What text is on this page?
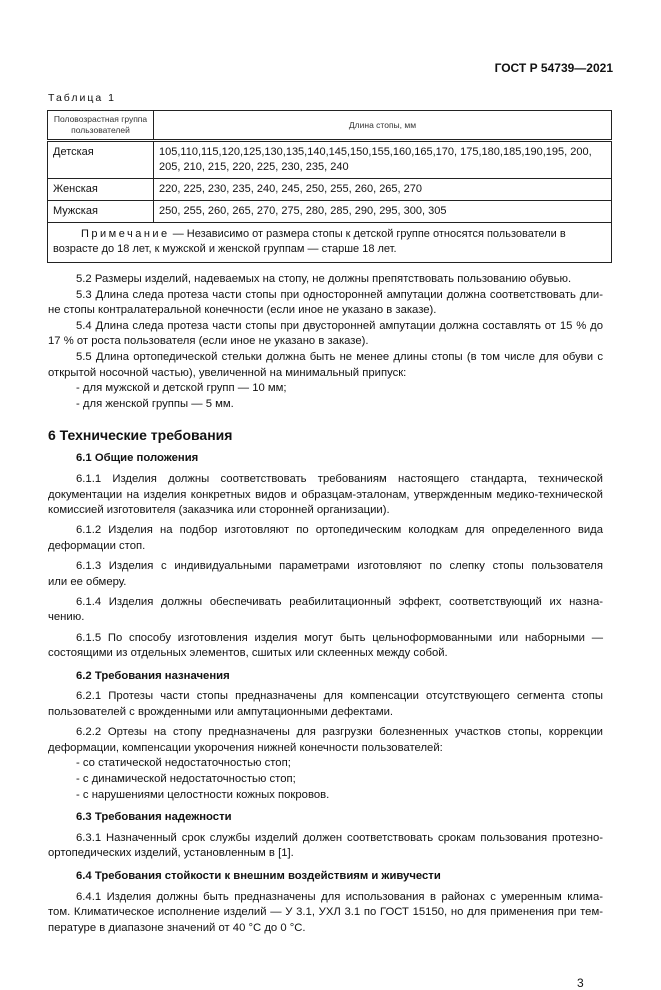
ГОСТ Р 54739—2021
Таблица 1
Половозрастная группа пользователей	Длина стопы, мм
Детская	105,110,115,120,125,130,135,140,145,150,155,160,165,170, 175,180,185,190,195, 200,
205, 210, 215, 220, 225, 230, 235, 240

Женская	220, 225, 230, 235, 240, 245, 250, 255, 260, 265, 270
Мужская	250, 255, 260, 265, 270, 275, 280, 285, 290, 295, 300, 305
Примечание — Независимо от размера стопы к детской группе относятся пользователи в возрасте до 18 лет, к мужской и женской группам — старше 18 лет.	
5.2 Размеры изделий, надеваемых на стопу, не должны препятствовать пользованию обувью.
5.3 Длина следа протеза части стопы при односторонней ампутации должна соответствовать дли-
не стопы контралатеральной конечности (если иное не указано в заказе).
5.4 Длина следа протеза части стопы при двусторонней ампутации должна составлять от 15 % до
17 % от роста пользователя (если иное не указано в заказе).
5.5 Длина ортопедической стельки должна быть не менее длины стопы (в том числе для обуви с
открытой носочной частью), увеличенной на минимальный припуск:
- для мужской и детской групп — 10 мм;
- для женской группы — 5 мм.
6 Технические требования
6.1 Общие положения
6.1.1 Изделия должны соответствовать требованиям настоящего стандарта, технической
документации на изделия конкретных видов и образцам-эталонам, утвержденным медико-технической
комиссией изготовителя (заказчика или сторонней организации).
6.1.2 Изделия на подбор изготовляют по ортопедическим колодкам для определенного вида
деформации стоп.
6.1.3 Изделия с индивидуальными параметрами изготовляют по слепку стопы пользователя
или ее обмеру.
6.1.4 Изделия должны обеспечивать реабилитационный эффект, соответствующий их назна-
чению.
6.1.5 По способу изготовления изделия могут быть цельноформованными или наборными —
состоящими из отдельных элементов, сшитых или склеенных между собой.
6.2 Требования назначения
6.2.1 Протезы части стопы предназначены для компенсации отсутствующего сегмента стопы
пользователей с врожденными или ампутационными дефектами.
6.2.2 Ортезы на стопу предназначены для разгрузки болезненных участков стопы, коррекции
деформации, компенсации укорочения нижней конечности пользователей:
- со статической недостаточностью стоп;
- с динамической недостаточностью стоп;
- с нарушениями целостности кожных покровов.
6.3 Требования надежности
6.3.1 Назначенный срок службы изделий должен соответствовать срокам пользования протезно-
ортопедических изделий, установленным в [1].
6.4 Требования стойкости к внешним воздействиям и живучести
6.4.1 Изделия должны быть предназначены для использования в районах с умеренным клима-
том. Климатическое исполнение изделий — У 3.1, УХЛ 3.1 по ГОСТ 15150, но для применения при тем-
пературе в диапазоне значений от 40 °С до 0 °С.
3
